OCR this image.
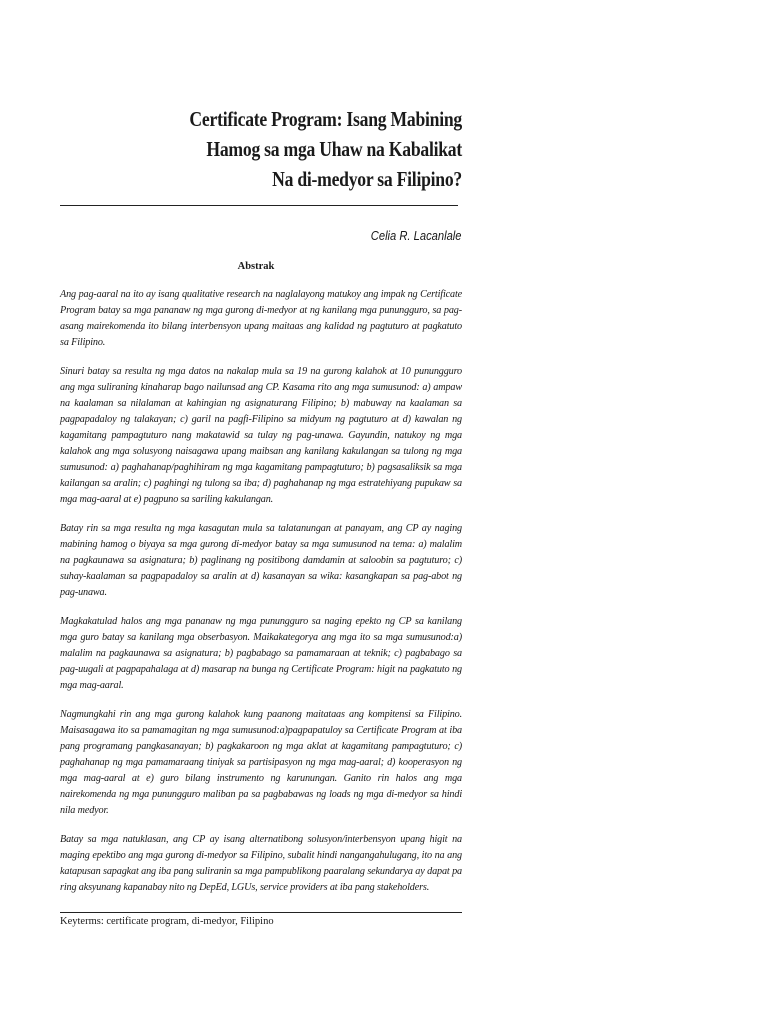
Certificate Program: Isang Mabining
Hamog sa mga Uhaw na Kabalikat
Na di-medyor sa Filipino?
Celia R. Lacanlale
Abstrak

Ang pag-aaral na ito ay isang qualitative research na naglalayong matukoy ang impak ng Certificate Program batay sa mga pananaw ng mga gurong di-medyor at ng kanilang mga punungguro, sa pag-asang mairekomenda ito bilang interbensyon upang maitaas ang kalidad ng pagtuturo at pagkatuto sa Filipino.

Sinuri batay sa resulta ng mga datos na nakalap mula sa 19 na gurong kalahok at 10 punungguro ang mga suliraning kinaharap bago nailunsad ang CP. Kasama rito ang mga sumusunod: a) ampaw na kaalaman sa nilalaman at kahingian ng asignaturang Filipino; b) mabuway na kaalaman sa pagpapadaloy ng talakayan; c) garil na pagfi-Filipino sa midyum ng pagtuturo at d) kawalan ng kagamitang pampagtuturo nang makatawid sa tulay ng pag-unawa. Gayundin, natukoy ng mga kalahok ang mga solusyong naisagawa upang maibsan ang kanilang kakulangan sa tulong ng mga sumusunod: a) paghahanap/paghihiram ng mga kagamitang pampagtuturo; b) pagsasaliksik sa mga kailangan sa aralin; c) paghingi ng tulong sa iba; d) paghahanap ng mga estratehiyang pupukaw sa mga mag-aaral at e) pagpuno sa sariling kakulangan.

Batay rin sa mga resulta ng mga kasagutan mula sa talatanungan at panayam, ang CP ay naging mabining hamog o biyaya sa mga gurong di-medyor batay sa mga sumusunod na tema: a) malalim na pagkaunawa sa asignatura; b) paglinang ng positibong damdamin at saloobin sa pagtuturo; c) suhay-kaalaman sa pagpapadaloy sa aralin at d) kasanayan sa wika: kasangkapan sa pag-abot ng pag-unawa.

Magkakatulad halos ang mga pananaw ng mga punungguro sa naging epekto ng CP sa kanilang mga guro batay sa kanilang mga obserbasyon. Maikakategorya ang mga ito sa mga sumusunod:a) malalim na pagkaunawa sa asignatura; b) pagbabago sa pamamaraan at teknik; c) pagbabago sa pag-uugali at pagpapahalaga at d) masarap na bunga ng Certificate Program: higit na pagkatuto ng mga mag-aaral.

Nagmungkahi rin ang mga gurong kalahok kung paanong maitataas ang kompitensi sa Filipino. Maisasagawa ito sa pamamagitan ng mga sumusunod:a)pagpapatuloy sa Certificate Program at iba pang programang pangkasanayan; b) pagkakaroon ng mga aklat at kagamitang pampagtuturo; c) paghahanap ng mga pamamaraang tiniyak sa partisipasyon ng mga mag-aaral; d) kooperasyon ng mga mag-aaral at e) guro bilang instrumento ng karunungan. Ganito rin halos ang mga nairekomenda ng mga punungguro maliban pa sa pagbabawas ng loads ng mga di-medyor sa hindi nila medyor.

Batay sa mga natuklasan, ang CP ay isang alternatibong solusyon/interbensyon upang higit na maging epektibo ang mga gurong di-medyor sa Filipino, subalit hindi nangangahulugang, ito na ang katapusan sapagkat ang iba pang suliranin sa mga pampublikong paaralang sekundarya ay dapat pa ring aksyunang kapanabay nito ng DepEd, LGUs, service providers at iba pang stakeholders.

Keyterms: certificate program, di-medyor, Filipino
